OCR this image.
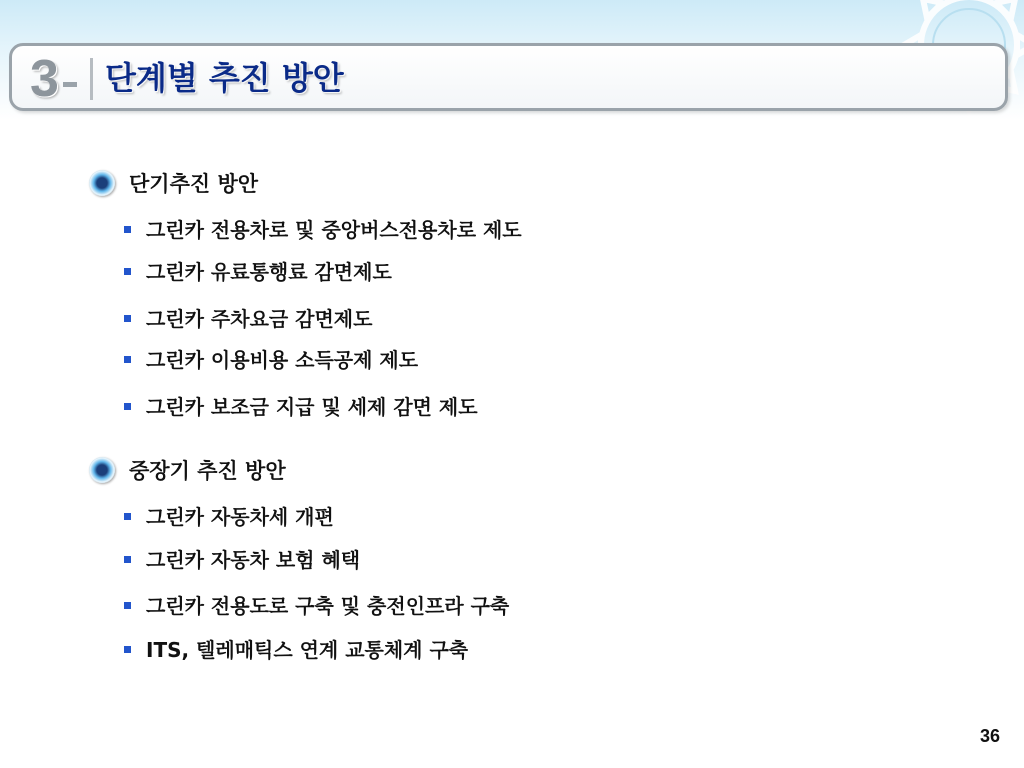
3	단계별 추진 방안
단기추진 방안
그린카 전용차로 및 중앙버스전용차로 제도
그린카 유료통행료 감면제도
그린카 주차요금 감면제도
그린카 이용비용 소득공제 제도
그린카 보조금 지급 및 세제 감면 제도
중장기 추진 방안
그린카 자동차세 개편
그린카 자동차 보험 혜택
그린카 전용도로 구축 및 충전인프라 구축
ITS, 텔레매틱스 연계 교통체계 구축
36
